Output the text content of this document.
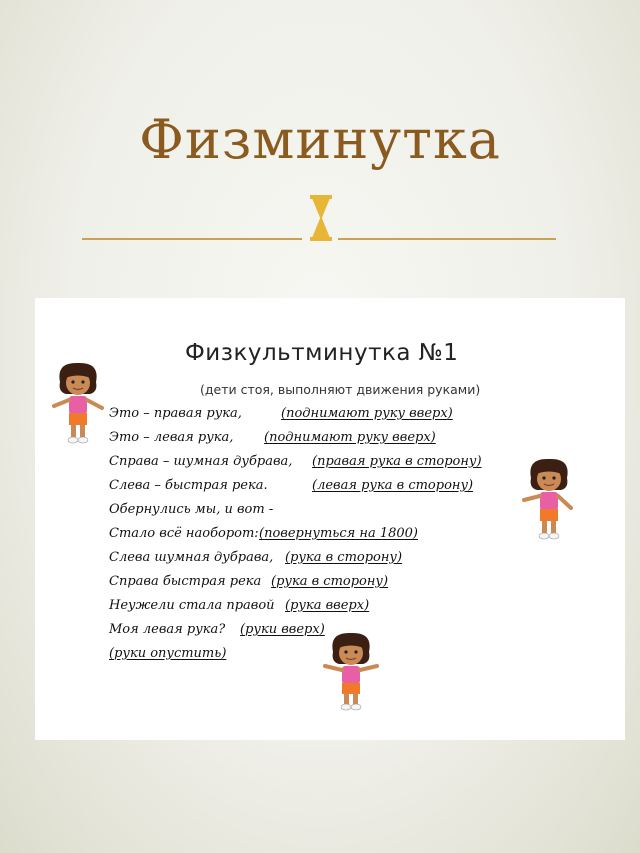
Физминутка
Физкультминутка №1
(дети стоя, выполняют движения руками)
Это – правая рука,	( поднимают руку вверх )
Это – левая рука,	( поднимают руку вверх )
Справа – шумная дубрава,	( правая рука в сторону )
Слева – быстрая река.	( левая рука в сторону )
Обернулись мы, и вот -
Стало всё наоборот: ( повернуться на 1800 )
Слева шумная дубрава,	( рука в сторону )
Справа быстрая река	( рука в сторону )
Неужели стала правой	( рука вверх )
Моя левая рука?	( руки вверх )
( руки опустить )
